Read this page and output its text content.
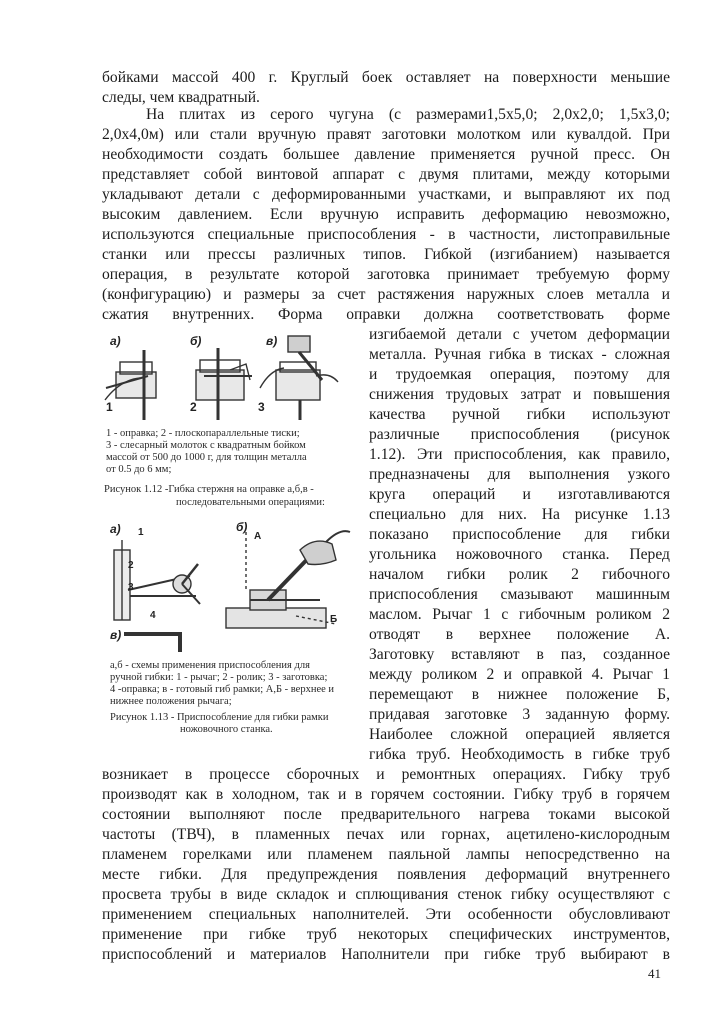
бойками массой 400 г. Круглый боек оставляет на поверхности меньшие
следы, чем квадратный.
На плитах из серого чугуна (с размерами1,5х5,0; 2,0х2,0; 1,5х3,0;
2,0х4,0м) или стали вручную правят заготовки молотком или кувалдой. При
необходимости создать большее давление применяется ручной пресс. Он
представляет собой винтовой аппарат с двумя плитами, между которыми
укладывают детали с деформированными участками, и выправляют их под
высоким давлением. Если вручную исправить деформацию невозможно,
используются специальные приспособления - в частности, листоправильные
станки или прессы различных типов. Гибкой (изгибанием) называется
операция, в результате которой заготовка принимает требуемую форму
(конфигурацию) и размеры за счет растяжения наружных слоев металла и
сжатия внутренних. Форма оправки должна соответствовать форме
изгибаемой детали с учетом деформации
металла. Ручная гибка в тисках - сложная
и трудоемкая операция, поэтому для
снижения трудовых затрат и повышения
качества ручной гибки используют
различные приспособления (рисунок
1.12). Эти приспособления, как правило,
предназначены для выполнения узкого
круга операций и изготавливаются
специально для них. На рисунке 1.13
показано приспособление для гибки
угольника ножовочного станка. Перед
началом гибки ролик 2 гибочного
приспособления смазывают машинным
маслом. Рычаг 1 с гибочным роликом 2
отводят в верхнее положение А.
Заготовку вставляют в паз, созданное
между роликом 2 и оправкой 4. Рычаг 1
перемещают в нижнее положение Б,
придавая заготовке 3 заданную форму.
Наиболее сложной операцией является
гибка труб. Необходимость в гибке труб
а)	б)	в)
1	2	3
1 - оправка; 2 - плоскопараллельные тиски;
3 - слесарный молоток с квадратным бойком
массой от 500 до 1000 г, для толщин металла
от 0.5 до 6 мм;
Рисунок 1.12 -Гибка стержня на оправке а,б,в -
последовательными операциями:
а)	б)
в)
1
2
3
4
А
Б
а,б - схемы применения приспособления для
ручной гибки: 1 - рычаг; 2 - ролик; 3 - заготовка;
4 -оправка; в - готовый гиб рамки; А,Б - верхнее и
нижнее положения рычага;
Рисунок 1.13 - Приспособление для гибки рамки
ножовочного станка.
возникает в процессе сборочных и ремонтных операциях. Гибку труб
производят как в холодном, так и в горячем состоянии. Гибку труб в горячем
состоянии выполняют после предварительного нагрева токами высокой
частоты (ТВЧ), в пламенных печах или горнах, ацетилено-кислородным
пламенем горелками или пламенем паяльной лампы непосредственно на
месте гибки. Для предупреждения появления деформаций внутреннего
просвета трубы в виде складок и сплющивания стенок гибку осуществляют с
применением специальных наполнителей. Эти особенности обусловливают
применение при гибке труб некоторых специфических инструментов,
приспособлений и материалов Наполнители при гибке труб выбирают в
41
